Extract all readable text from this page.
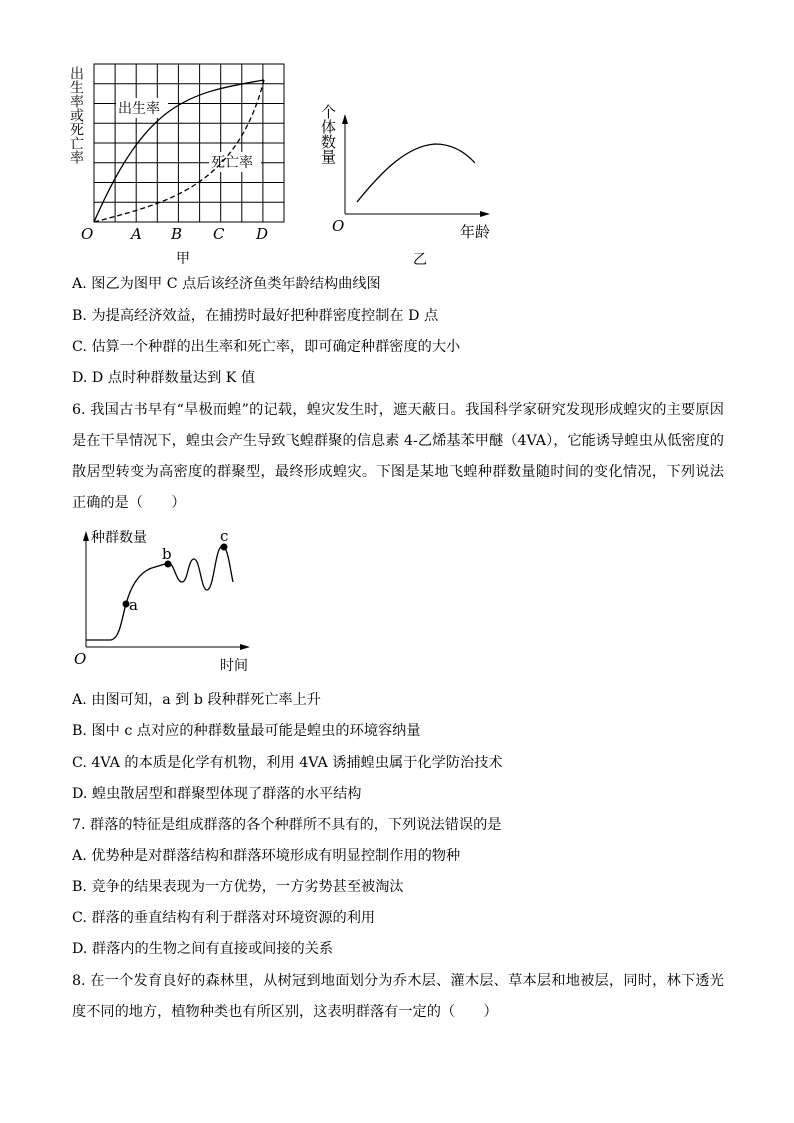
出生率
死亡率
出生率或死亡率
O	A B C D
甲
个体数量
O	年龄
乙
A. 图乙为图甲 C 点后该经济鱼类年龄结构曲线图
B. 为提高经济效益，在捕捞时最好把种群密度控制在 D 点
C. 估算一个种群的出生率和死亡率，即可确定种群密度的大小
D. D 点时种群数量达到 K 值
6. 我国古书早有“旱极而蝗”的记载，蝗灾发生时，遮天蔽日。我国科学家研究发现形成蝗灾的主要原因是在干旱情况下，蝗虫会产生导致飞蝗群聚的信息素 4-乙烯基苯甲醚（4VA），它能诱导蝗虫从低密度的散居型转变为高密度的群聚型，最终形成蝗灾。下图是某地飞蝗种群数量随时间的变化情况，下列说法正确的是（　　）
种群数量
a
b
c
O	时间
A. 由图可知，a 到 b 段种群死亡率上升
B. 图中 c 点对应的种群数量最可能是蝗虫的环境容纳量
C. 4VA 的本质是化学有机物，利用 4VA 诱捕蝗虫属于化学防治技术
D. 蝗虫散居型和群聚型体现了群落的水平结构
7. 群落的特征是组成群落的各个种群所不具有的，下列说法错误的是
A. 优势种是对群落结构和群落环境形成有明显控制作用的物种
B. 竞争的结果表现为一方优势，一方劣势甚至被淘汰
C. 群落的垂直结构有利于群落对环境资源的利用
D. 群落内的生物之间有直接或间接的关系
8. 在一个发育良好的森林里，从树冠到地面划分为乔木层、灌木层、草本层和地被层，同时，林下透光度不同的地方，植物种类也有所区别，这表明群落有一定的（　　）
